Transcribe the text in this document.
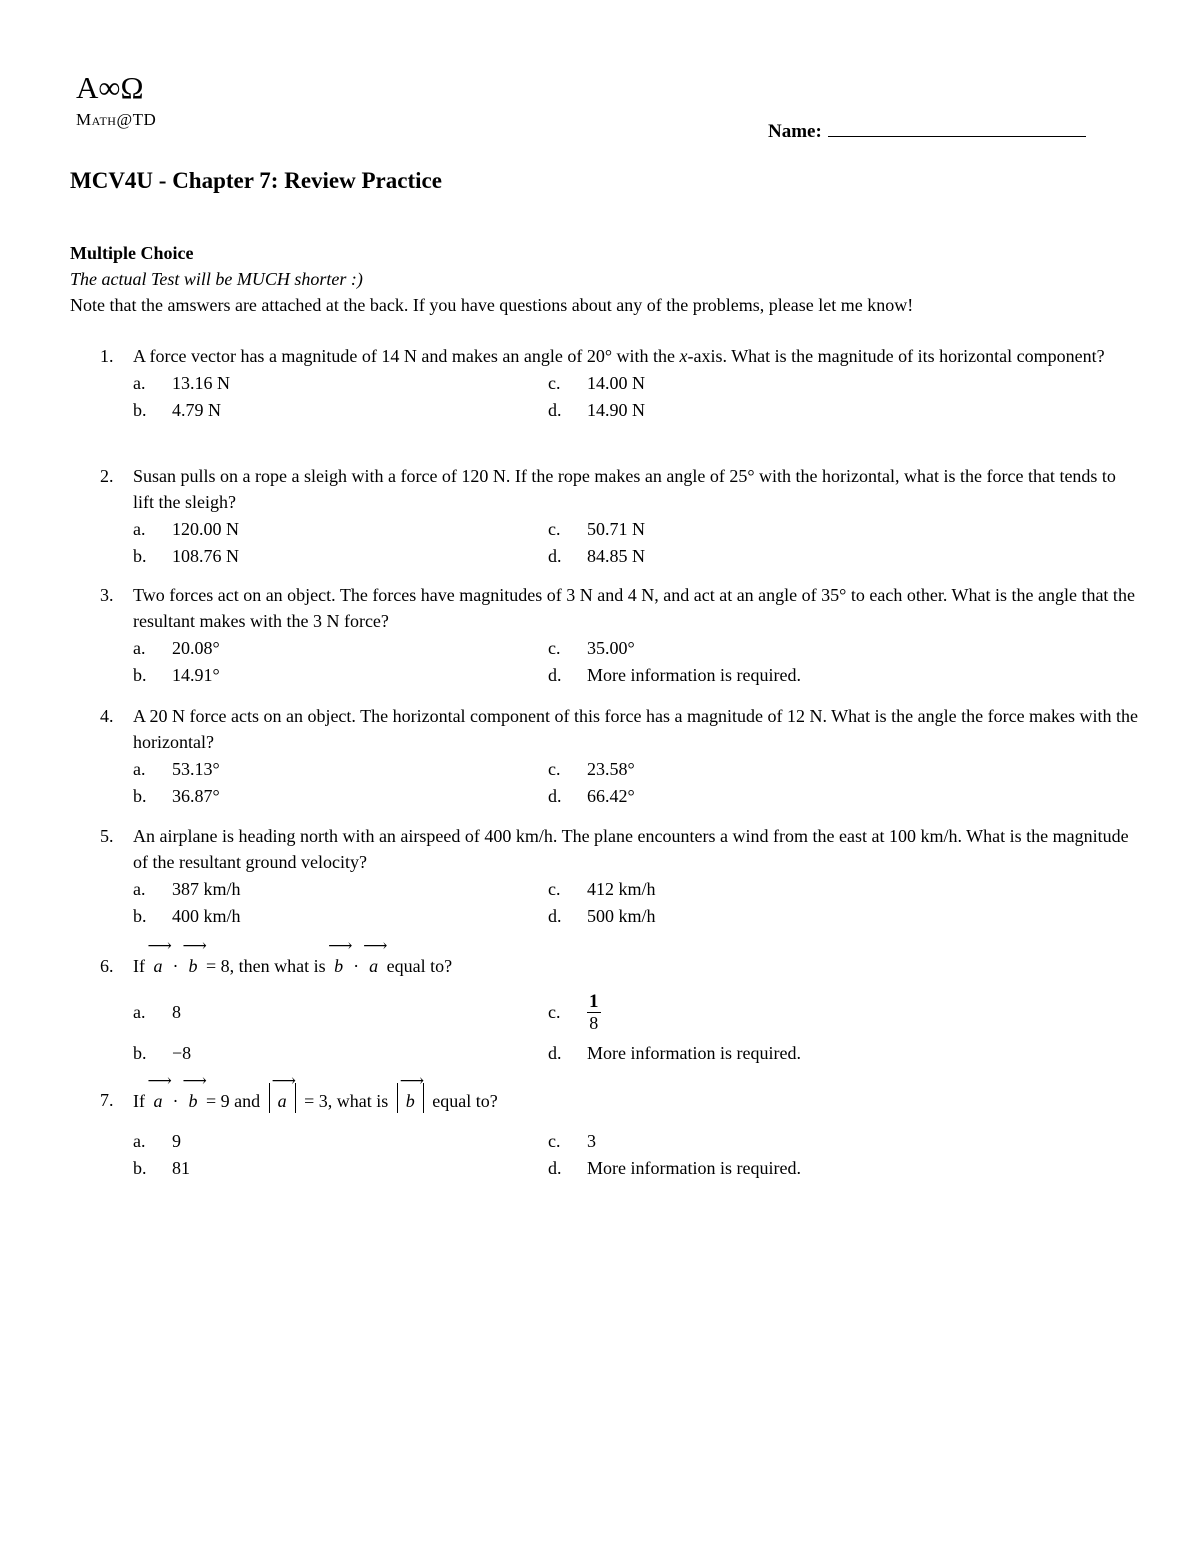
A∞Ω
Math@TD
Name:
MCV4U - Chapter 7: Review Practice
Multiple Choice
The actual Test will be MUCH shorter :)
Note that the amswers are attached at the back. If you have questions about any of the problems, please let me know!
1. A force vector has a magnitude of 14 N and makes an angle of 20° with the x-axis. What is the magnitude of its horizontal component?
a.	13.16 N	c.	14.00 N
b.	4.79 N	d.	14.90 N
2. Susan pulls on a rope a sleigh with a force of 120 N. If the rope makes an angle of 25° with the horizontal, what is the force that tends to lift the sleigh?
a.	120.00 N	c.	50.71 N
b.	108.76 N	d.	84.85 N
3. Two forces act on an object. The forces have magnitudes of 3 N and 4 N, and act at an angle of 35° to each other. What is the angle that the resultant makes with the 3 N force?
a.	20.08°	c.	35.00°
b.	14.91°	d.	More information is required.
4. A 20 N force acts on an object. The horizontal component of this force has a magnitude of 12 N. What is the angle the force makes with the horizontal?
a.	53.13°	c.	23.58°
b.	36.87°	d.	66.42°
5. An airplane is heading north with an airspeed of 400 km/h. The plane encounters a wind from the east at 100 km/h. What is the magnitude of the resultant ground velocity?
a.	387 km/h	c.	412 km/h
b.	400 km/h	d.	500 km/h
6. If ⟶ a · ⟶ b = 8, then what is ⟶ b · ⟶ a equal to?
a.	8	c.	$\frac{1}{8}$
b.	−8	d.	More information is required.
7. If ⟶ a · ⟶ b = 9 and ⟶ a = 3, what is ⟶ b equal to?
a.	9	c.	3
b.	81	d.	More information is required.
